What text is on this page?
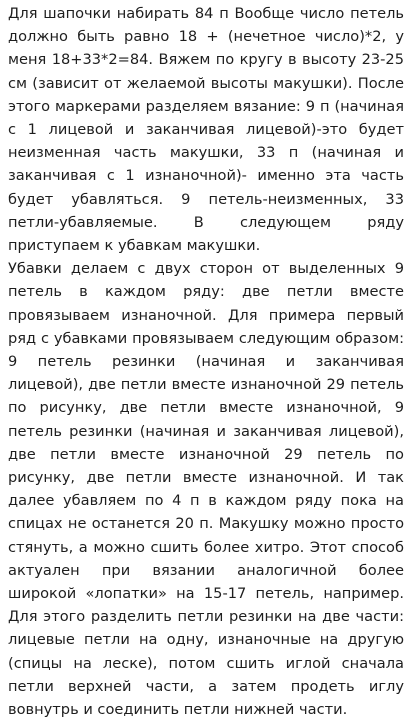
Для шапочки набирать 84 п Вообще число петель должно быть равно 18 + (нечетное число)*2, у меня 18+33*2=84. Вяжем по кругу в высоту 23-25 см (зависит от желаемой высоты макушки). После этого маркерами разделяем вязание: 9 п (начиная с 1 лицевой и заканчивая лицевой)-это будет неизменная часть макушки, 33 п (начиная и заканчивая с 1 изнаночной)- именно эта часть будет убавляться. 9 петель-неизменных, 33 петли-убавляемые. В следующем ряду приступаем к убавкам макушки.

Убавки делаем с двух сторон от выделенных 9 петель в каждом ряду: две петли вместе провязываем изнаночной. Для примера первый ряд с убавками провязываем следующим образом: 9 петель резинки (начиная и заканчивая лицевой), две петли вместе изнаночной 29 петель по рисунку, две петли вместе изнаночной, 9 петель резинки (начиная и заканчивая лицевой), две петли вместе изнаночной 29 петель по рисунку, две петли вместе изнаночной. И так далее убавляем по 4 п в каждом ряду пока на спицах не останется 20 п. Макушку можно просто стянуть, а можно сшить более хитро. Этот способ актуален при вязании аналогичной более широкой «лопатки» на 15-17 петель, например. Для этого разделить петли резинки на две части: лицевые петли на одну, изнаночные на другую (спицы на леске), потом сшить иглой сначала петли верхней части, а затем продеть иглу вовнутрь и соединить петли нижней части.
